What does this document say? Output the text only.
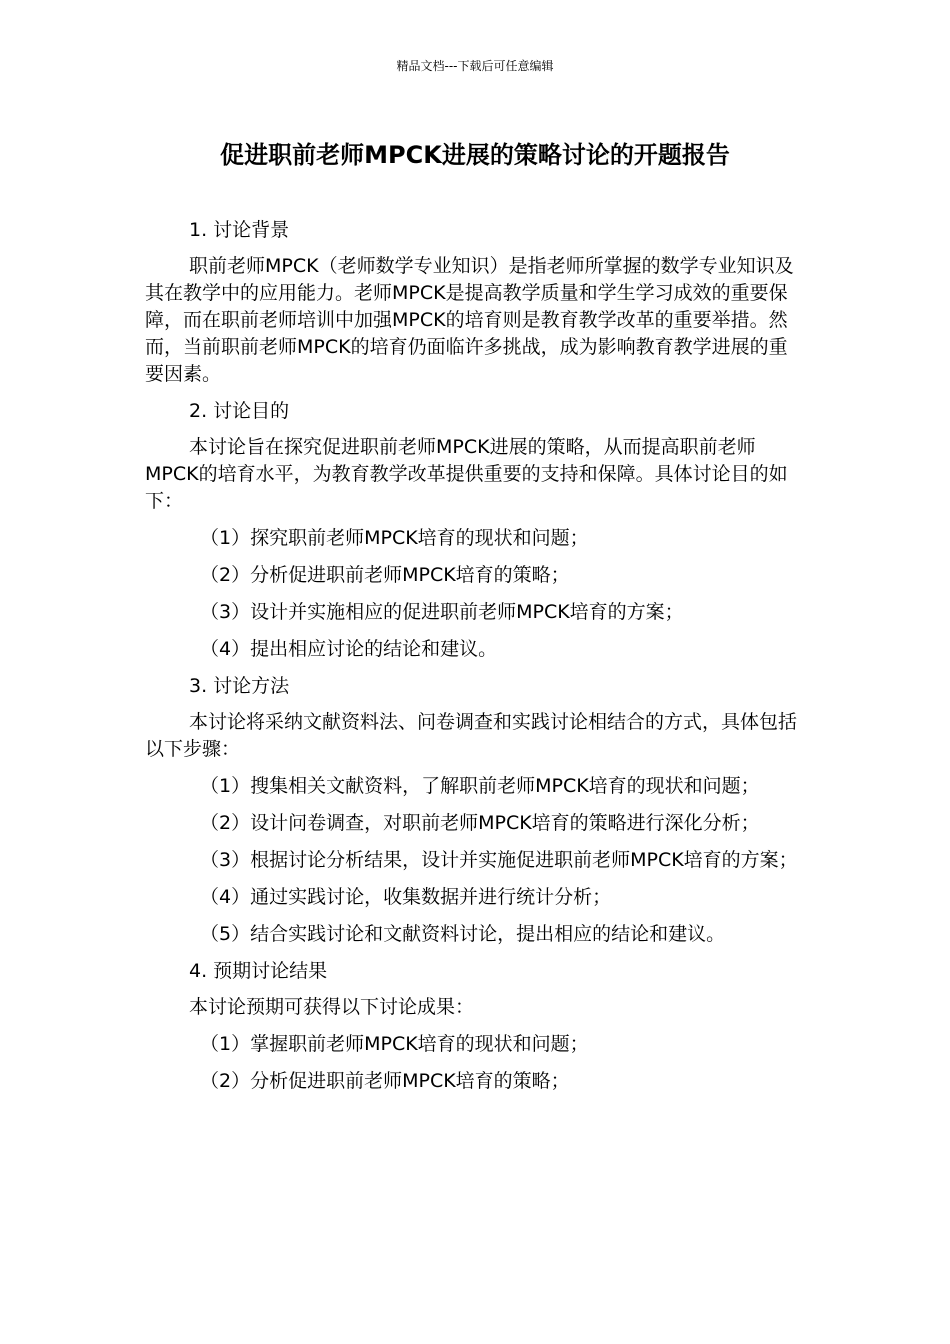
精品文档---下载后可任意编辑
促进职前老师MPCK进展的策略讨论的开题报告

1. 讨论背景

职前老师MPCK（老师数学专业知识）是指老师所掌握的数学专业知识及其在教学中的应用能力。老师MPCK是提高教学质量和学生学习成效的重要保障，而在职前老师培训中加强MPCK的培育则是教育教学改革的重要举措。然而，当前职前老师MPCK的培育仍面临许多挑战，成为影响教育教学进展的重要因素。

2. 讨论目的

本讨论旨在探究促进职前老师MPCK进展的策略，从而提高职前老师MPCK的培育水平，为教育教学改革提供重要的支持和保障。具体讨论目的如下：

（1）探究职前老师MPCK培育的现状和问题；

（2）分析促进职前老师MPCK培育的策略；

（3）设计并实施相应的促进职前老师MPCK培育的方案；

（4）提出相应讨论的结论和建议。

3. 讨论方法

本讨论将采纳文献资料法、问卷调查和实践讨论相结合的方式，具体包括以下步骤：

（1）搜集相关文献资料，了解职前老师MPCK培育的现状和问题；

（2）设计问卷调查，对职前老师MPCK培育的策略进行深化分析；

（3）根据讨论分析结果，设计并实施促进职前老师MPCK培育的方案；

（4）通过实践讨论，收集数据并进行统计分析；

（5）结合实践讨论和文献资料讨论，提出相应的结论和建议。

4. 预期讨论结果

本讨论预期可获得以下讨论成果：

（1）掌握职前老师MPCK培育的现状和问题；

（2）分析促进职前老师MPCK培育的策略；
